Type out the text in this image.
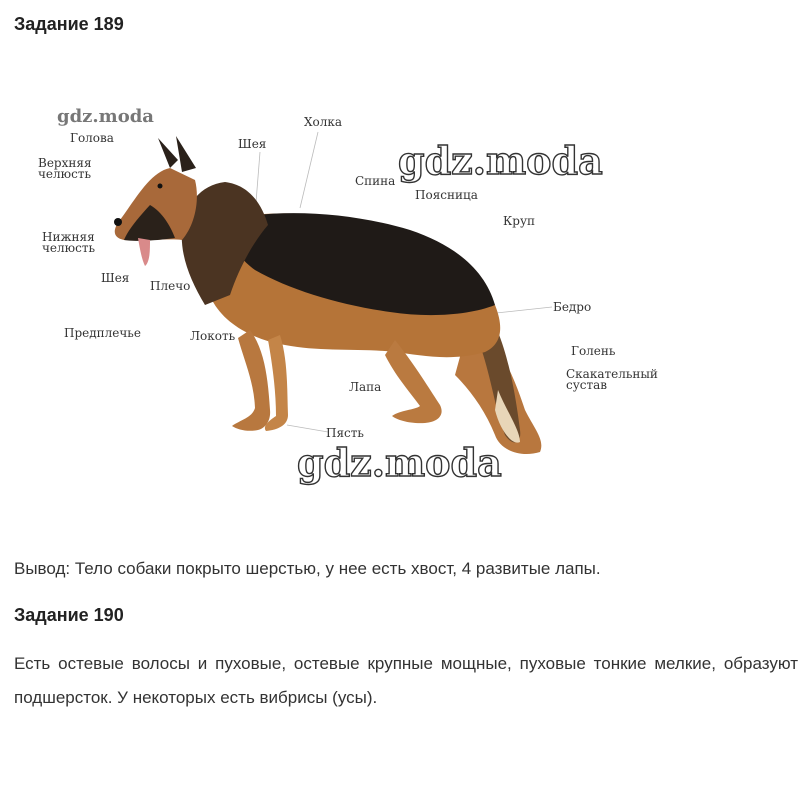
Задание 189
gdz.moda
gdz.moda
gdz.moda
Голова
Верхняя
челюсть
Нижняя
челюсть
Шея
Плечо
Предплечье	Локоть
Шея
Холка
Спина
Поясница
Круп
Бедро
Голень
Скакательный
сустав
Лапа
Пясть
Вывод: Тело собаки покрыто шерстью, у нее есть хвост, 4 развитые лапы.
Задание 190
Есть остевые волосы и пуховые, остевые крупные мощные, пуховые тонкие мелкие, образуют подшерсток. У некоторых есть вибрисы (усы).
